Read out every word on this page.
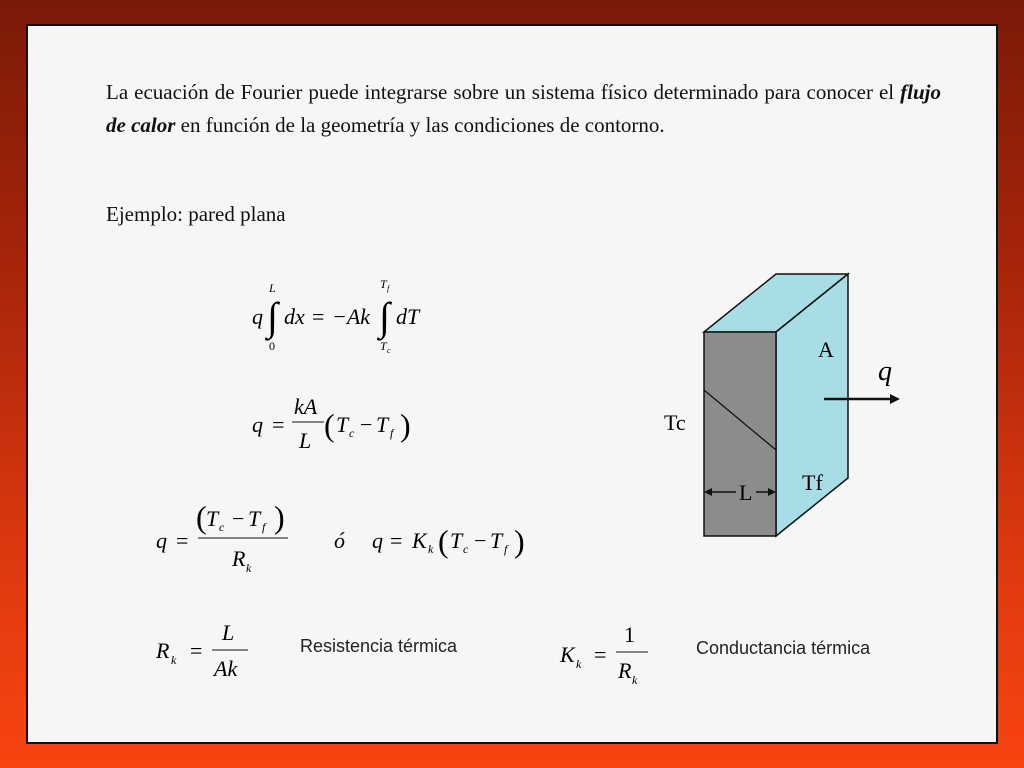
La ecuación de Fourier puede integrarse sobre un sistema físico determinado para conocer el flujo de calor en función de la geometría y las condiciones de contorno.

Ejemplo: pared plana
q ∫
L
0
dx = −Ak ∫
T f
T c
dT
q =
kA
L ( T c − T f )
q =
( T c − T f )
R k
ó q = K k ( T c − T f )
R k =
L
Ak
Resistencia térmica	K k =
1
R k
Conductancia térmica
A
q
Tc
Tf
L
